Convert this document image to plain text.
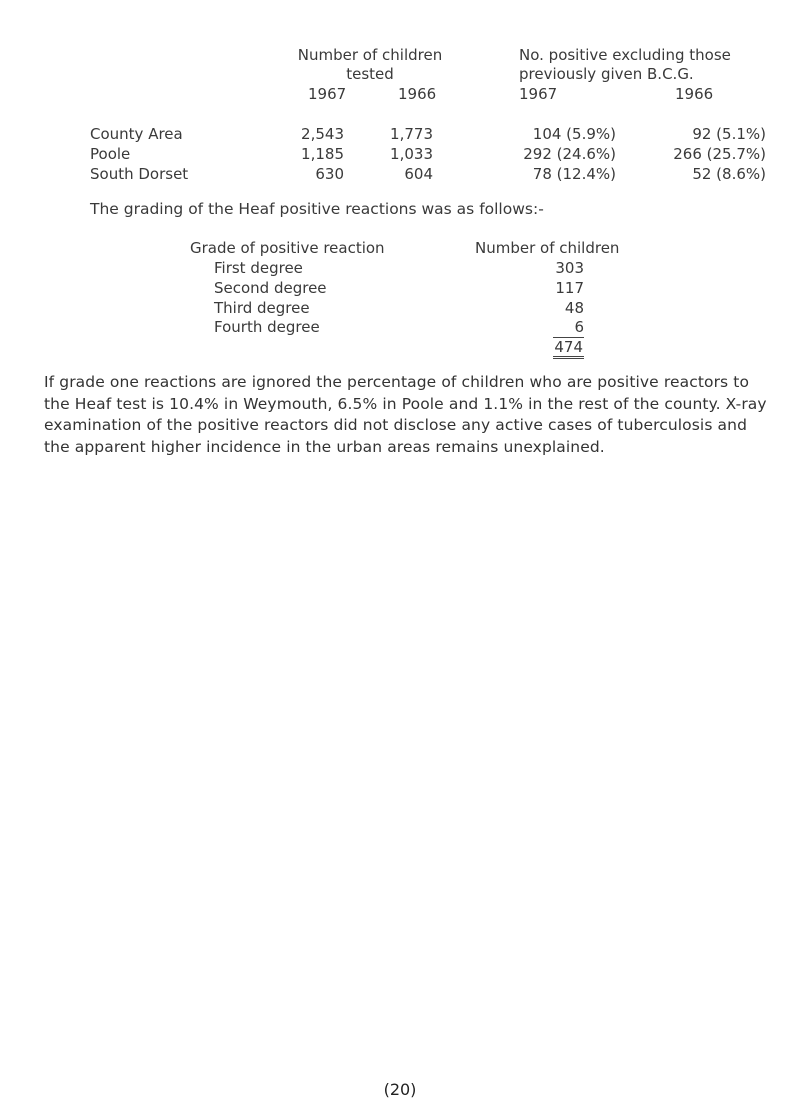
Number of children
tested
No. positive excluding those
previously given B.C.G.
1967	1966	1967	1966
County Area	2,543	1,773	104 (5.9%)	92 (5.1%)
Poole	1,185	1,033	292 (24.6%)	266 (25.7%)
South Dorset	630	604	78 (12.4%)	52 (8.6%)
The grading of the Heaf positive reactions was as follows:-
Grade of positive reaction	Number of children
First degree	303
Second degree	117
Third degree	48
Fourth degree	6
474
If grade one reactions are ignored the percentage of children who are positive reactors to the Heaf test is 10.4% in Weymouth, 6.5% in Poole and 1.1% in the rest of the county. X-ray examination of the positive reactors did not disclose any active cases of tuberculosis and the apparent higher incidence in the urban areas remains unexplained.
(20)
